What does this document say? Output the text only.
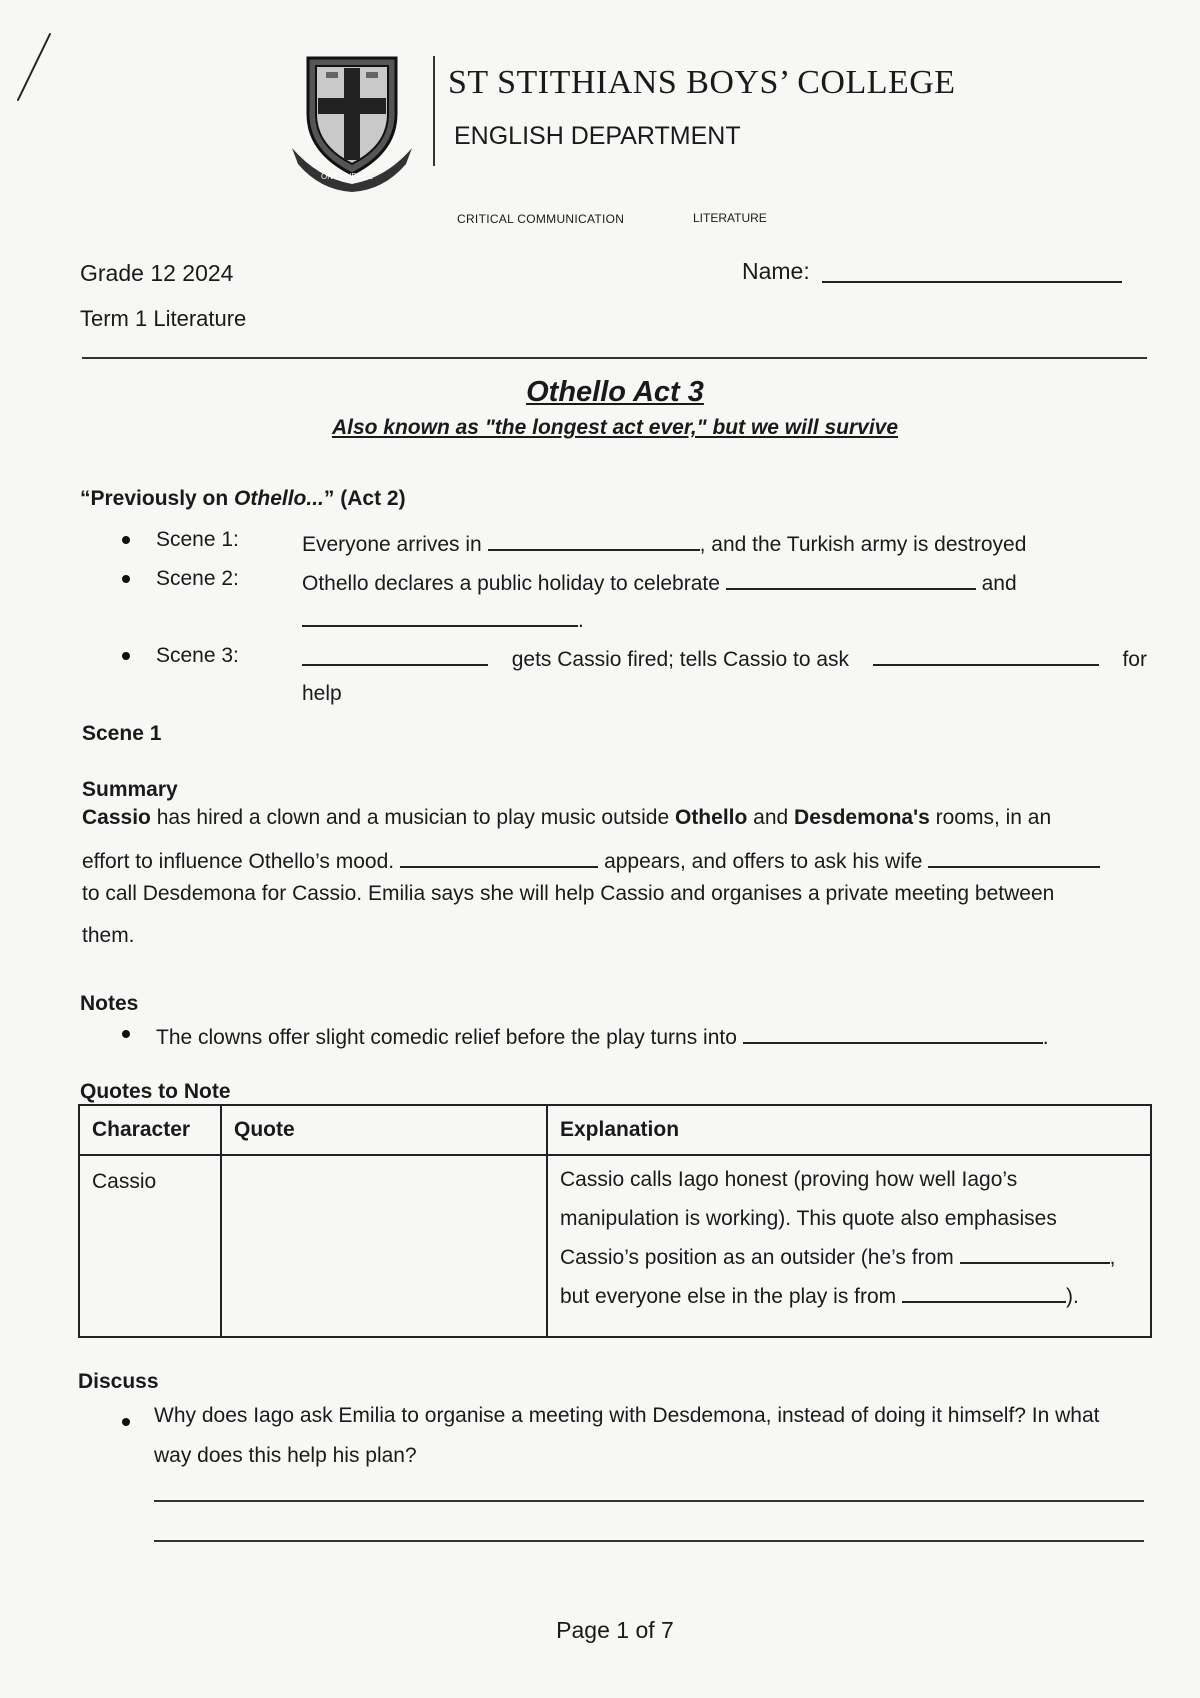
ONE AND ALL
ST STITHIANS BOYS’ COLLEGE
ENGLISH DEPARTMENT
CRITICAL COMMUNICATION	LITERATURE
Grade 12 2024
Term 1 Literature
Name:
Othello Act 3
Also known as "the longest act ever," but we will survive
“Previously on Othello...” (Act 2)
Scene 1:	Everyone arrives in	, and the Turkish army is destroyed
Scene 2:	Othello declares a public holiday to celebrate	and
.
Scene 3:	gets Cassio fired; tells Cassio to ask	for
help
Scene 1
Summary
Cassio has hired a clown and a musician to play music outside Othello and Desdemona's rooms, in an
effort to influence Othello’s mood.	appears, and offers to ask his wife
to call Desdemona for Cassio. Emilia says she will help Cassio and organises a private meeting between
them.
Notes
The clowns offer slight comedic relief before the play turns into	.
Quotes to Note
Character	Quote	Explanation
Cassio		Cassio calls Iago honest (proving how well Iago’s
manipulation is working). This quote also emphasises
Cassio’s position as an outsider (he’s from ,
but everyone else in the play is from ).
Discuss
Why does Iago ask Emilia to organise a meeting with Desdemona, instead of doing it himself? In what
way does this help his plan?
Page 1 of 7
